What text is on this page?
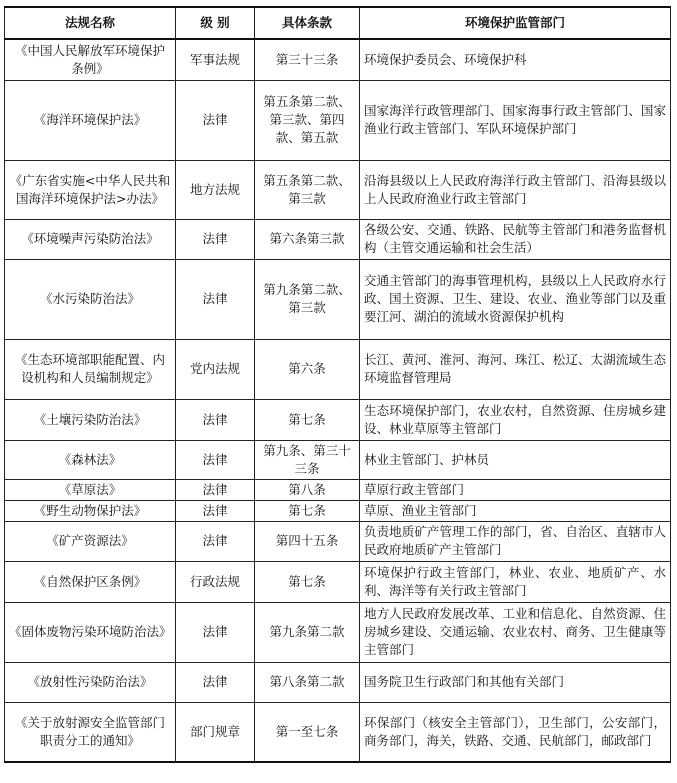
法规名称	级 别	具体条款	环境保护监管部门
《中国人民解放军环境保护条例》	军事法规	第三十三条	环境保护委员会、环境保护科
《海洋环境保护法》	法律	第五条第二款、第三款、第四款、第五款	国家海洋行政管理部门、国家海事行政主管部门、国家渔业行政主管部门、军队环境保护部门
《广东省实施<中华人民共和国海洋环境保护法>办法》	地方法规	第五条第二款、第三款	沿海县级以上人民政府海洋行政主管部门、沿海县级以上人民政府渔业行政主管部门
《环境噪声污染防治法》	法律	第六条第三款	各级公安、交通、铁路、民航等主管部门和港务监督机构（主管交通运输和社会生活）
《水污染防治法》	法律	第九条第二款、第三款	交通主管部门的海事管理机构，县级以上人民政府水行政、国土资源、卫生、建设、农业、渔业等部门以及重要江河、湖泊的流域水资源保护机构
《生态环境部职能配置、内设机构和人员编制规定》	党内法规	第六条	长江、黄河、淮河、海河、珠江、松辽、太湖流域生态环境监督管理局
《土壤污染防治法》	法律	第七条	生态环境保护部门，农业农村，自然资源、住房城乡建设、林业草原等主管部门
《森林法》	法律	第九条、第三十三条	林业主管部门、护林员
《草原法》	法律	第八条	草原行政主管部门
《野生动物保护法》	法律	第七条	草原、渔业主管部门
《矿产资源法》	法律	第四十五条	负责地质矿产管理工作的部门，省、自治区、直辖市人民政府地质矿产主管部门
《自然保护区条例》	行政法规	第七条	环境保护行政主管部门，林业、农业、地质矿产、水利、海洋等有关行政主管部门
《固体废物污染环境防治法》	法律	第九条第二款	地方人民政府发展改革、工业和信息化、自然资源、住房城乡建设、交通运输、农业农村、商务、卫生健康等主管部门
《放射性污染防治法》	法律	第八条第二款	国务院卫生行政部门和其他有关部门
《关于放射源安全监管部门职责分工的通知》	部门规章	第一至七条	环保部门（核安全主管部门），卫生部门，公安部门，商务部门，海关，铁路、交通、民航部门，邮政部门
